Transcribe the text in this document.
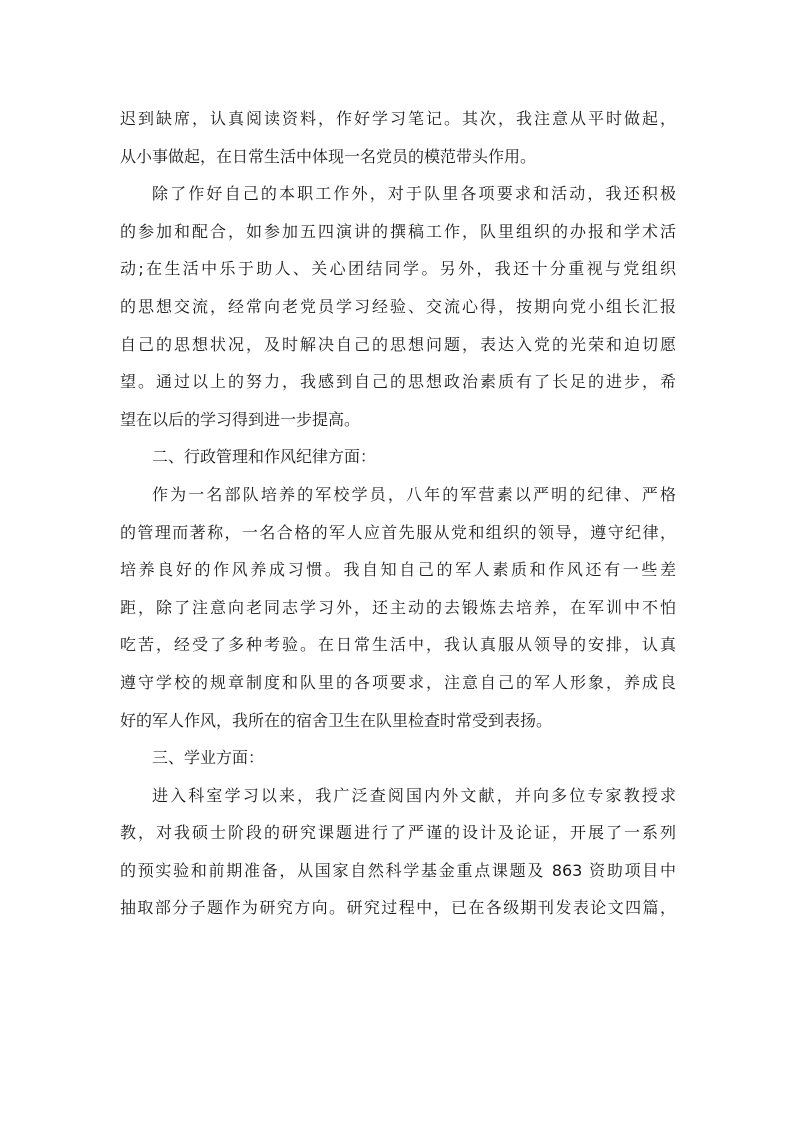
迟到缺席，认真阅读资料，作好学习笔记。其次，我注意从平时做起，
从小事做起，在日常生活中体现一名党员的模范带头作用。
除了作好自己的本职工作外，对于队里各项要求和活动，我还积极
的参加和配合，如参加五四演讲的撰稿工作，队里组织的办报和学术活
动;在生活中乐于助人、关心团结同学。另外，我还十分重视与党组织
的思想交流，经常向老党员学习经验、交流心得，按期向党小组长汇报
自己的思想状况，及时解决自己的思想问题，表达入党的光荣和迫切愿
望。通过以上的努力，我感到自己的思想政治素质有了长足的进步，希
望在以后的学习得到进一步提高。
二、行政管理和作风纪律方面：
作为一名部队培养的军校学员，八年的军营素以严明的纪律、严格
的管理而著称，一名合格的军人应首先服从党和组织的领导，遵守纪律，
培养良好的作风养成习惯。我自知自己的军人素质和作风还有一些差
距，除了注意向老同志学习外，还主动的去锻炼去培养，在军训中不怕
吃苦，经受了多种考验。在日常生活中，我认真服从领导的安排，认真
遵守学校的规章制度和队里的各项要求，注意自己的军人形象，养成良
好的军人作风，我所在的宿舍卫生在队里检查时常受到表扬。
三、学业方面：
进入科室学习以来，我广泛查阅国内外文献，并向多位专家教授求
教，对我硕士阶段的研究课题进行了严谨的设计及论证，开展了一系列
的预实验和前期准备，从国家自然科学基金重点课题及 863 资助项目中
抽取部分子题作为研究方向。研究过程中，已在各级期刊发表论文四篇，
